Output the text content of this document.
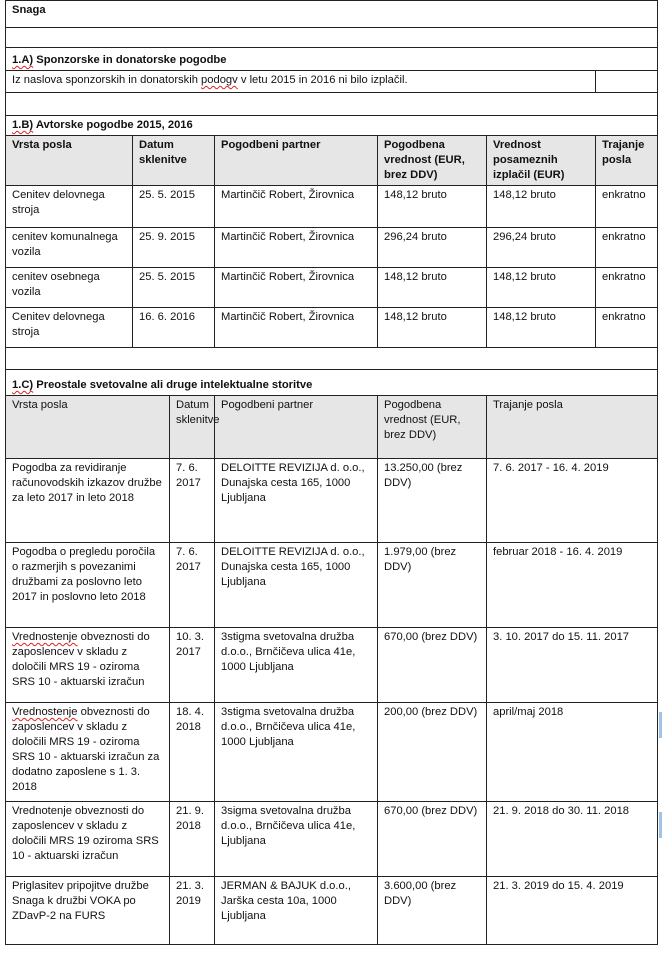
Snaga						

1.A) Sponzorske in donatorske pogodbe						
Iz naslova sponzorskih in donatorskih podogv v letu 2015 in 2016 ni bilo izplačil.						

1.B) Avtorske pogodbe 2015, 2016						
Vrsta posla	Datum sklenitve		Pogodbeni partner	Pogodbena vrednost (EUR, brez DDV)	Vrednost posameznih izplačil (EUR)	Trajanje posla
Cenitev delovnega stroja	25. 5. 2015		Martinčič Robert, Žirovnica	148,12 bruto	148,12 bruto	enkratno
cenitev komunalnega vozila	25. 9. 2015		Martinčič Robert, Žirovnica	296,24 bruto	296,24 bruto	enkratno
cenitev osebnega vozila	25. 5. 2015		Martinčič Robert, Žirovnica	148,12 bruto	148,12 bruto	enkratno
Cenitev delovnega stroja	16. 6. 2016		Martinčič Robert, Žirovnica	148,12 bruto	148,12 bruto	enkratno

1.C) Preostale svetovalne ali druge intelektualne storitve						
Vrsta posla		Datum sklenitve	Pogodbeni partner	Pogodbena vrednost (EUR, brez DDV)	Trajanje posla	
Pogodba za revidiranje računovodskih izkazov družbe za leto 2017 in leto 2018		7. 6. 2017	DELOITTE REVIZIJA d. o.o., Dunajska cesta 165, 1000 Ljubljana	13.250,00 (brez DDV)	7. 6. 2017 - 16. 4. 2019	
Pogodba o pregledu poročila o razmerjih s povezanimi družbami za poslovno leto 2017 in poslovno leto 2018		7. 6. 2017	DELOITTE REVIZIJA d. o.o., Dunajska cesta 165, 1000 Ljubljana	1.979,00 (brez DDV)	februar 2018 - 16. 4. 2019	
Vrednostenje obveznosti do zaposlencev v skladu z določili MRS 19 - oziroma SRS 10 - aktuarski izračun		10. 3. 2017	3stigma svetovalna družba d.o.o., Brnčičeva ulica 41e, 1000 Ljubljana	670,00 (brez DDV)	3. 10. 2017 do 15. 11. 2017	
Vrednostenje obveznosti do zaposlencev v skladu z določili MRS 19 - oziroma SRS 10 - aktuarski izračun za dodatno zaposlene s 1. 3. 2018		18. 4. 2018	3stigma svetovalna družba d.o.o., Brnčičeva ulica 41e, 1000 Ljubljana	200,00 (brez DDV)	april/maj 2018	
Vrednotenje obveznosti do zaposlencev v skladu z določili MRS 19 oziroma SRS 10 - aktuarski izračun		21. 9. 2018	3sigma svetovalna družba d.o.o., Brnčičeva ulica 41e, Ljubljana	670,00 (brez DDV)	21. 9. 2018 do 30. 11. 2018	
Priglasitev pripojitve družbe Snaga k družbi VOKA po ZDavP-2 na FURS		21. 3. 2019	JERMAN & BAJUK d.o.o., Jarška cesta 10a, 1000 Ljubljana	3.600,00 (brez DDV)	21. 3. 2019 do 15. 4. 2019	
